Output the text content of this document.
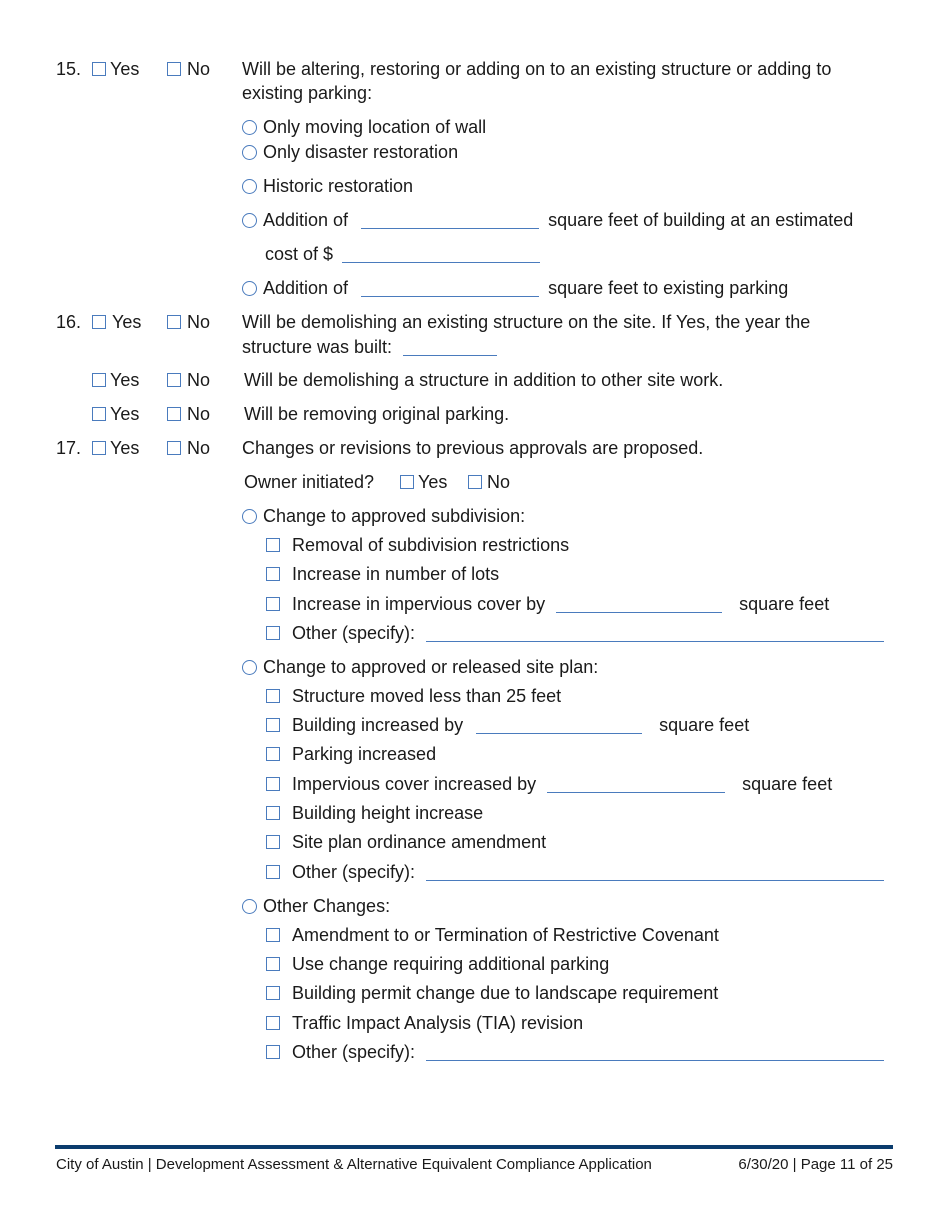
15.	Yes	No Will be altering, restoring or adding on to an existing structure or adding to
existing parking:
Only moving location of wall
Only disaster restoration
Historic restoration
Addition of	square feet of building at an estimated
cost of $
Addition of	square feet to existing parking
16.	Yes	No Will be demolishing an existing structure on the site. If Yes, the year the
structure was built:
Yes	No Will be demolishing a structure in addition to other site work.
Yes	No Will be removing original parking.
17.	Yes	No Changes or revisions to previous approvals are proposed.
Owner initiated?	Yes	No
Change to approved subdivision:
Removal of subdivision restrictions
Increase in number of lots
Increase in impervious cover by	square feet
Other (specify):
Change to approved or released site plan:
Structure moved less than 25 feet
Building increased by	square feet
Parking increased
Impervious cover increased by	square feet
Building height increase
Site plan ordinance amendment
Other (specify):
Other Changes:
Amendment to or Termination of Restrictive Covenant
Use change requiring additional parking
Building permit change due to landscape requirement
Traffic Impact Analysis (TIA) revision
Other (specify):
City of Austin | Development Assessment & Alternative Equivalent Compliance Application	6/30/20 | Page 11 of 25
